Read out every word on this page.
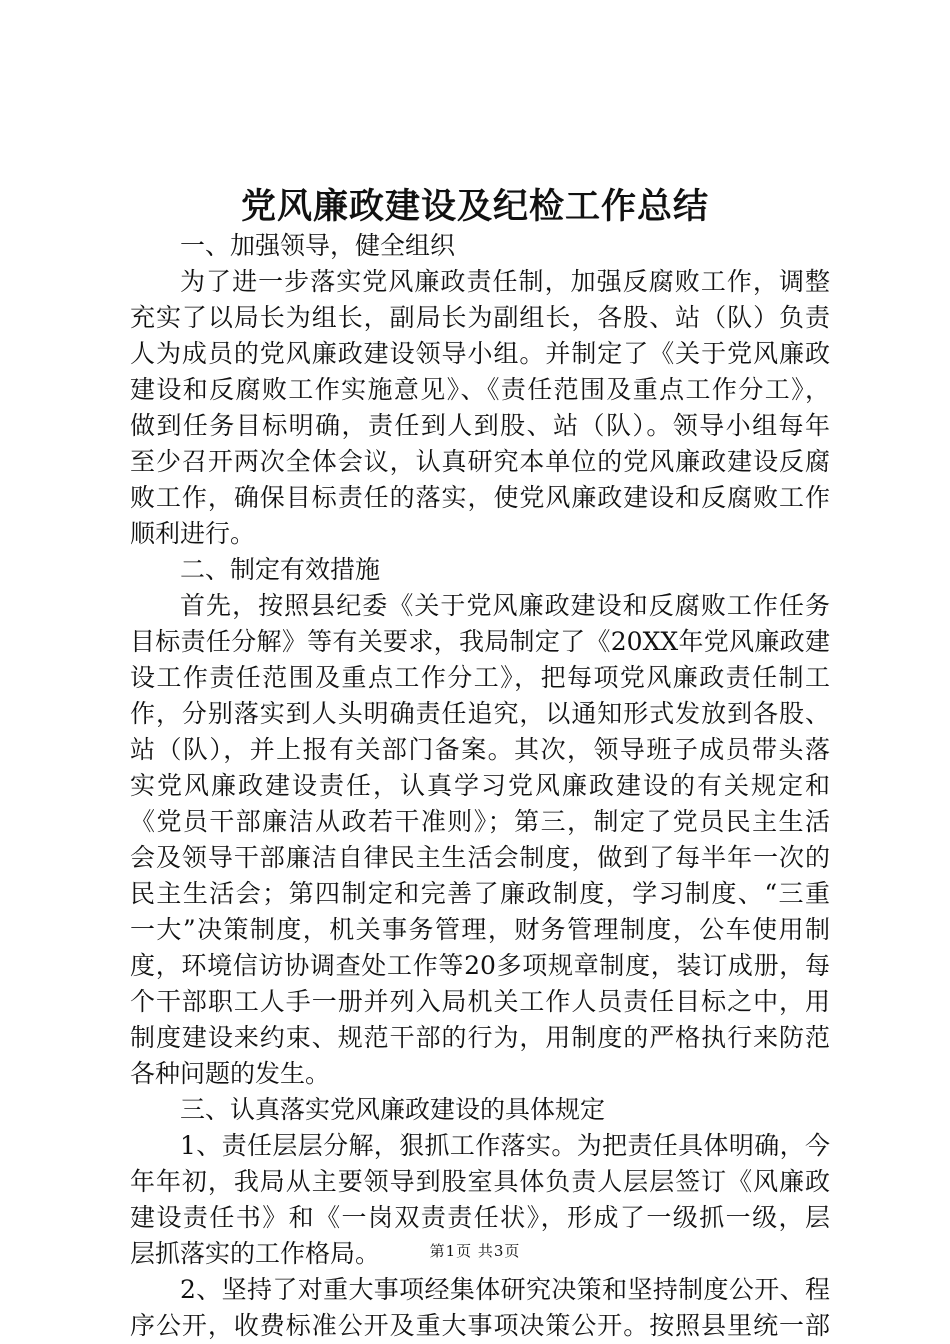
党风廉政建设及纪检工作总结
一、加强领导，健全组织
为了进一步落实党风廉政责任制，加强反腐败工作，调整
充实了以局长为组长，副局长为副组长，各股、站（队）负责
人为成员的党风廉政建设领导小组。并制定了《关于党风廉政
建设和反腐败工作实施意见》、《责任范围及重点工作分工》，
做到任务目标明确，责任到人到股、站（队）。领导小组每年
至少召开两次全体会议，认真研究本单位的党风廉政建设反腐
败工作，确保目标责任的落实，使党风廉政建设和反腐败工作
顺利进行。
二、制定有效措施
首先，按照县纪委《关于党风廉政建设和反腐败工作任务
目标责任分解》等有关要求，我局制定了《20XX年党风廉政建
设工作责任范围及重点工作分工》，把每项党风廉政责任制工
作，分别落实到人头明确责任追究，以通知形式发放到各股、
站（队），并上报有关部门备案。其次，领导班子成员带头落
实党风廉政建设责任，认真学习党风廉政建设的有关规定和
《党员干部廉洁从政若干准则》；第三，制定了党员民主生活
会及领导干部廉洁自律民主生活会制度，做到了每半年一次的
民主生活会；第四制定和完善了廉政制度，学习制度、“三重
一大”决策制度，机关事务管理，财务管理制度，公车使用制
度，环境信访协调查处工作等20多项规章制度，装订成册，每
个干部职工人手一册并列入局机关工作人员责任目标之中，用
制度建设来约束、规范干部的行为，用制度的严格执行来防范
各种问题的发生。
三、认真落实党风廉政建设的具体规定
1、责任层层分解，狠抓工作落实。为把责任具体明确，今
年年初，我局从主要领导到股室具体负责人层层签订《风廉政
建设责任书》和《一岗双责责任状》，形成了一级抓一级，层
层抓落实的工作格局。
2、坚持了对重大事项经集体研究决策和坚持制度公开、程
序公开，收费标准公开及重大事项决策公开。按照县里统一部
第1页 共3页
